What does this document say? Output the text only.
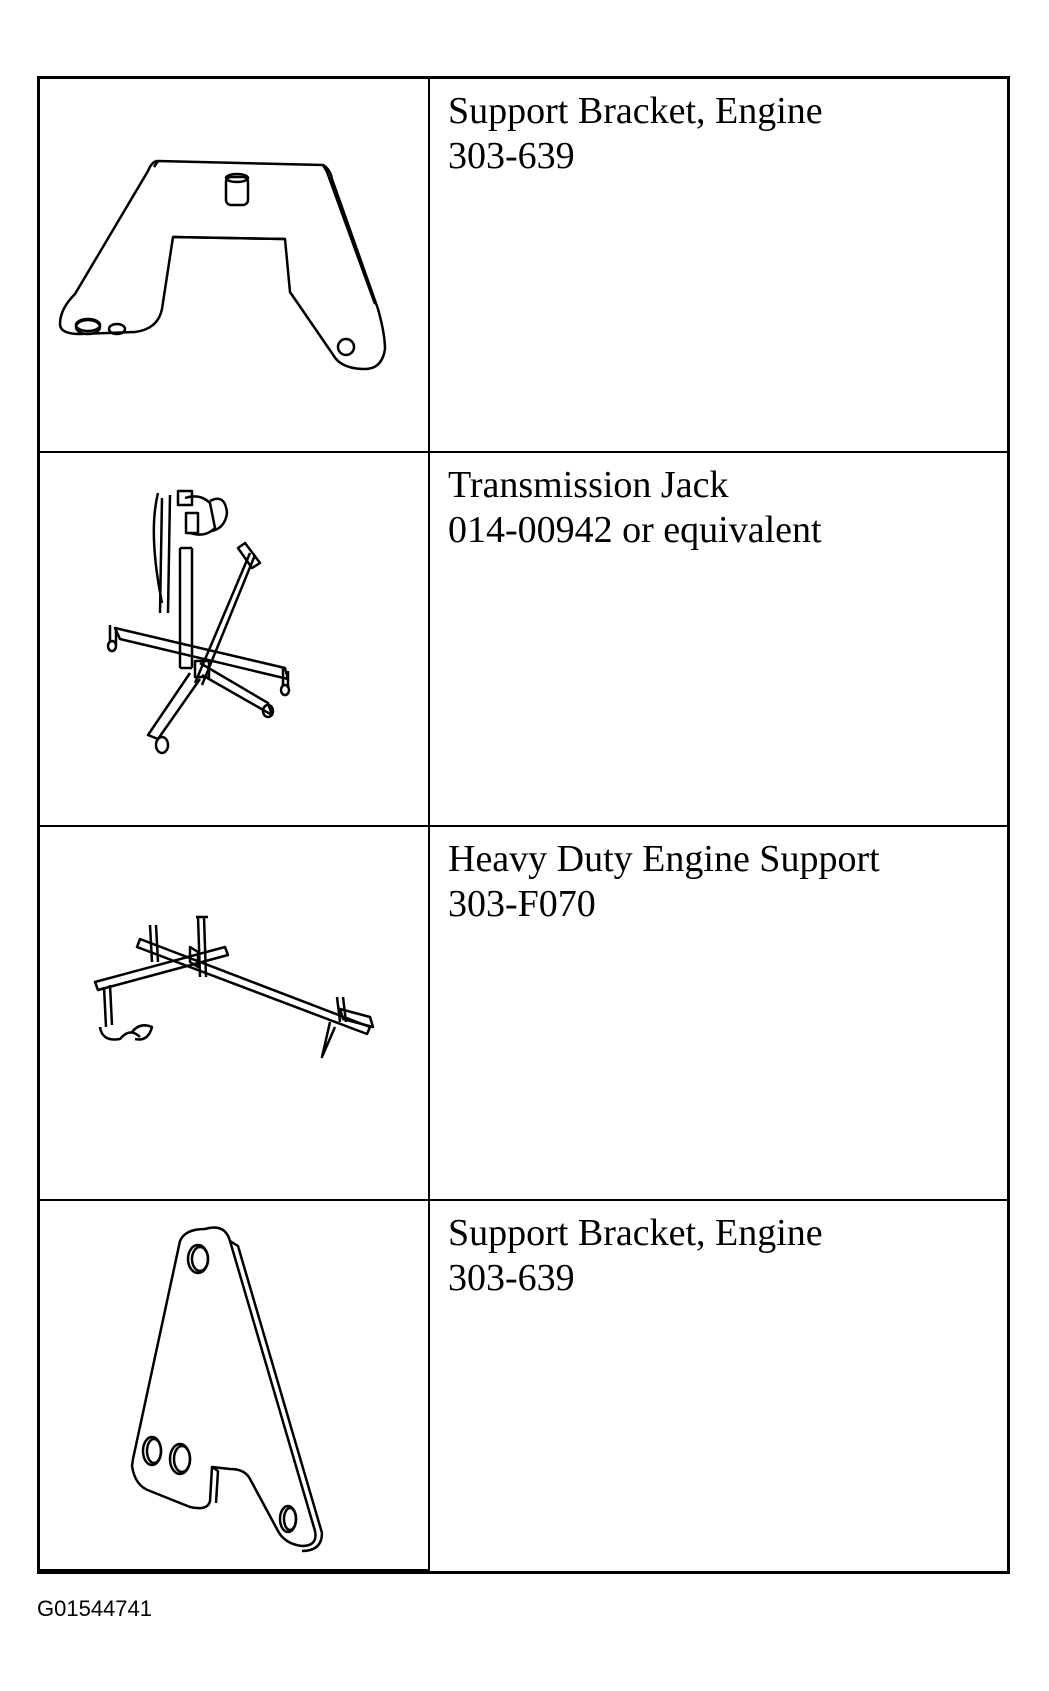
Support Bracket, Engine

303-639

Transmission Jack

014-00942 or equivalent

Heavy Duty Engine Support

303-F070

Support Bracket, Engine

303-639

G01544741
